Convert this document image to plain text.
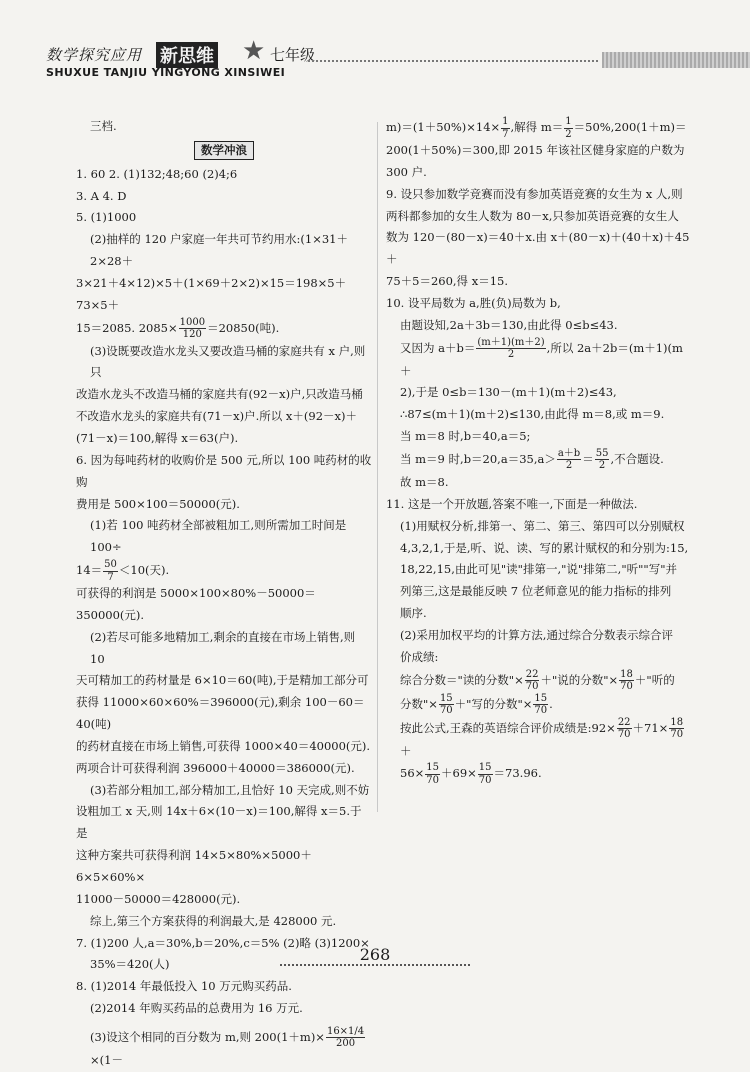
数学探究应用 新思维 ★ 七年级
SHUXUE TANJIU YINGYONG XINSIWEI

三档.

数学冲浪

1. 60 2. (1)132;48;60 (2)4;6

3. A 4. D

5. (1)1000

(2)抽样的 120 户家庭一年共可节约用水:(1×31＋2×28＋

3×21＋4×12)×5＋(1×69＋2×2)×15＝198×5＋73×5＋

15＝2085. $2085\times \frac{1000}{120} =20850$(吨).

(3)设既要改造水龙头又要改造马桶的家庭共有 x 户,则只

改造水龙头不改造马桶的家庭共有(92－x)户,只改造马桶

不改造水龙头的家庭共有(71－x)户.所以 x＋(92－x)＋

(71－x)＝100,解得 x＝63(户).

6. 因为每吨药材的收购价是 500 元,所以 100 吨药材的收购

费用是 500×100＝50000(元).

(1)若 100 吨药材全部被粗加工,则所需加工时间是 100÷

$14= \frac{50}{7} <10$(天).

可获得的利润是 5000×100×80%－50000＝350000(元).

(2)若尽可能多地精加工,剩余的直接在市场上销售,则 10

天可精加工的药材量是 6×10＝60(吨),于是精加工部分可

获得 11000×60×60%＝396000(元),剩余 100－60＝40(吨)

的药材直接在市场上销售,可获得 1000×40＝40000(元).

两项合计可获得利润 396000＋40000＝386000(元).

(3)若部分粗加工,部分精加工,且恰好 10 天完成,则不妨

设粗加工 x 天,则 14x＋6×(10－x)＝100,解得 x＝5.于是

这种方案共可获得利润 14×5×80%×5000＋6×5×60%×

11000－50000＝428000(元).

综上,第三个方案获得的利润最大,是 428000 元.

7. (1)200 人,a＝30%,b＝20%,c＝5% (2)略 (3)1200×

35%＝420(人)

8. (1)2014 年最低投入 10 万元购买药品.

(2)2014 年购买药品的总费用为 16 万元.

(3)设这个相同的百分数为 m,则 $200(1+m)\times \frac{16\times 1/4}{200}$
×(1－

$m)=(1+50\%)\times 14\times \frac{1}{7}$ ,解得 $m= \frac{1}{2} =50\%,200(1+m)=$

200(1＋50%)＝300,即 2015 年该社区健身家庭的户数为

300 户.

9. 设只参加数学竞赛而没有参加英语竞赛的女生为 x 人,则

两科都参加的女生人数为 80－x,只参加英语竞赛的女生人

数为 120－(80－x)＝40＋x.由 x＋(80－x)＋(40＋x)＋45＋

75＋5＝260,得 x＝15.

10. 设平局数为 a,胜(负)局数为 b,

由题设知,2a＋3b＝130,由此得 0≤b≤43.

又因为 $a+b= \frac{(m+1)(m+2)}{2}$ ,所以 2a＋2b＝(m＋1)(m＋

2),于是 0≤b＝130－(m＋1)(m＋2)≤43,

∴87≤(m＋1)(m＋2)≤130,由此得 m＝8,或 m＝9.

当 m＝8 时,b＝40,a＝5;

当 m＝9 时$,b=20,a=35,a> \frac{a+b}{2} = \frac{55}{2}$ ,不合题设.

故 m＝8.

11. 这是一个开放题,答案不唯一,下面是一种做法.

(1)用赋权分析,排第一、第二、第三、第四可以分别赋权

4,3,2,1,于是,听、说、读、写的累计赋权的和分别为:15,

18,22,15,由此可见"读"排第一,"说"排第二,"听""写"并

列第三,这是最能反映 7 位老师意见的能力指标的排列

顺序.

(2)采用加权平均的计算方法,通过综合分数表示综合评

价成绩:

综合分数＝"读的分数"× $\frac{22}{70}$ ＋"说的分数"× $\frac{18}{70}$ ＋"听的

分数"× $\frac{15}{70}$ ＋"写的分数"× $\frac{15}{70}$ .

按此公式,王森的英语综合评价成绩是:92× $\frac{22}{70} +71\times \frac{18}{70}$
＋

$56\times \frac{15}{70} +69\times \frac{15}{70} =73.96$.

268
